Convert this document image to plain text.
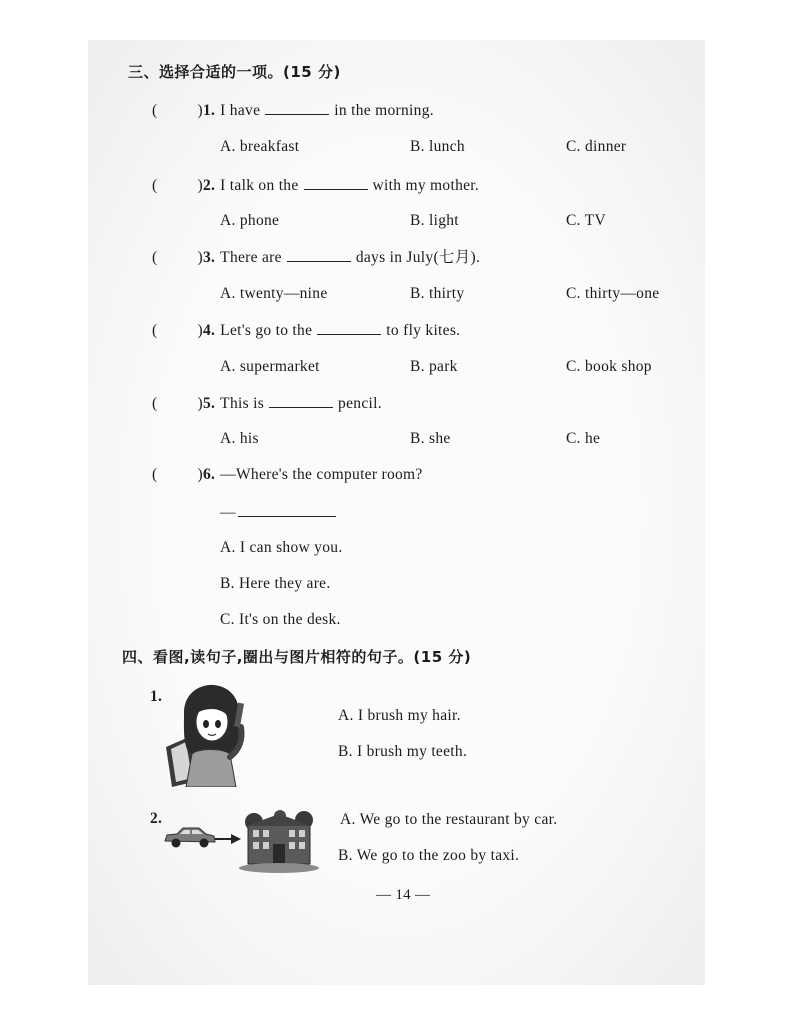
三、选择合适的一项。(15 分)
(	)1. I have	in the morning.
A. breakfast	B. lunch	C. dinner
(	)2. I talk on the	with my mother.
A. phone	B. light	C. TV
(	)3. There are	days in July(七月).
A. twenty—nine	B. thirty	C. thirty—one
(	)4. Let's go to the	to fly kites.
A. supermarket	B. park	C. book shop
(	)5. This is	pencil.
A. his	B. she	C. he
(	)6. —Where's the computer room?
—
A. I can show you.
B. Here they are.
C. It's on the desk.
四、看图,读句子,圈出与图片相符的句子。(15 分)
1.
A. I brush my hair.
B. I brush my teeth.
2.	A. We go to the restaurant by car.
B. We go to the zoo by taxi.
— 14 —
